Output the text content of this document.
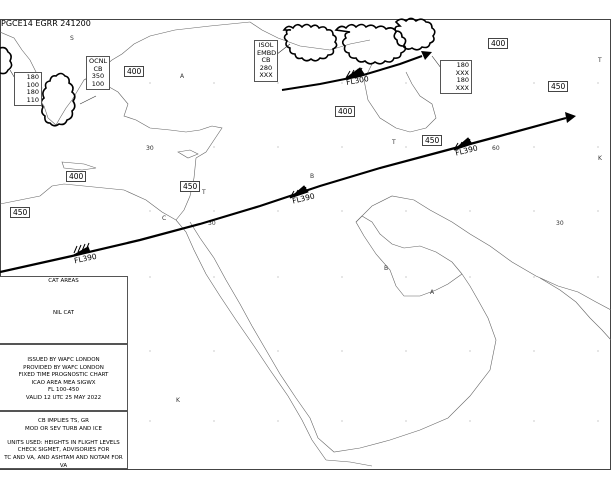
30	60
30
30
S
A
T
C
B
B
A
K
T
K
T
PGCE14 EGRR 241200
400
400
400
450
450
400
450
450
FL390
FL390
FL390
FL300
ISOL
EMBD
CB
280
XXX
OCNL
CB
350
100
180
100
180
110
180
XXX
180
XXX
CAT AREAS
NIL CAT
ISSUED BY WAFC LONDON
PROVIDED BY WAFC LONDON
FIXED TIME PROGNOSTIC CHART
ICAO AREA MEA SIGWX
FL 100-450
VALID 12 UTC 25 MAY 2022
CB IMPLIES TS, GR
MOD OR SEV TURB AND ICE
UNITS USED: HEIGHTS IN FLIGHT LEVELS
CHECK SIGMET, ADVISORIES FOR
TC AND VA, AND ASHTAM AND NOTAM FOR VA
